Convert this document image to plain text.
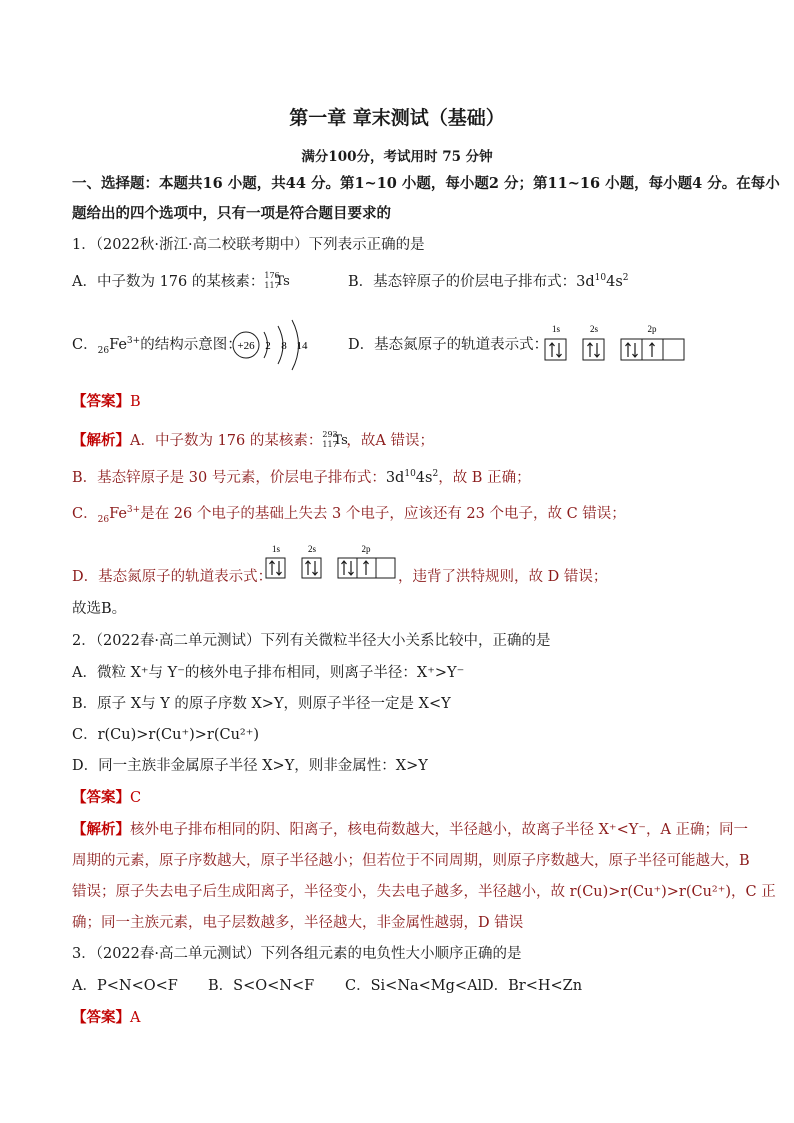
第一章 章末测试（基础）
满分100分，考试用时 75 分钟
一、选择题：本题共16 小题，共44 分。第1~10 小题，每小题2 分；第11~16 小题，每小题4 分。在每小
题给出的四个选项中，只有一项是符合题目要求的
1．（2022秋·浙江·高二校联考期中）下列表示正确的是
A．中子数为 176 的某核素： 176
117
Ts	B．基态锌原子的价层电子排布式：$3d^{10}4s^2$
C．$_{26}Fe^{3+}$的结构示意图：
+26 2 8 14	D．基态氮原子的轨道表示式：
1s	2s	2p
【答案】B
【解析】A．中子数为 176 的某核素： 293
117
Ts
，故A 错误；
B．基态锌原子是 30 号元素，价层电子排布式：$3d^{10}4s^2$，故 B 正确；
C．$_{26}Fe^{3+}$是在 26 个电子的基础上失去 3 个电子，应该还有 23 个电子，故 C 错误；
D．基态氮原子的轨道表示式：
1s	2s	2p
，违背了洪特规则，故 D 错误；
故选B。
2．（2022春·高二单元测试）下列有关微粒半径大小关系比较中，正确的是
A．微粒 X⁺与 Y⁻的核外电子排布相同，则离子半径：X⁺>Y⁻
B．原子 X与 Y 的原子序数 X>Y，则原子半径一定是 X<Y
C．r(Cu)>r(Cu⁺)>r(Cu²⁺)
D．同一主族非金属原子半径 X>Y，则非金属性：X>Y
【答案】C
【解析】核外电子排布相同的阴、阳离子，核电荷数越大，半径越小，故离子半径 X⁺<Y⁻，A 正确；同一
周期的元素，原子序数越大，原子半径越小；但若位于不同周期，则原子序数越大，原子半径可能越大，B
错误；原子失去电子后生成阳离子，半径变小，失去电子越多，半径越小，故 r(Cu)>r(Cu⁺)>r(Cu²⁺)，C 正
确；同一主族元素，电子层数越多，半径越大，非金属性越弱，D 错误
3．（2022春·高二单元测试）下列各组元素的电负性大小顺序正确的是
A．P<N<O<F B．S<O<N<F C．Si<Na<Mg<Al D．Br<H<Zn
【答案】A
